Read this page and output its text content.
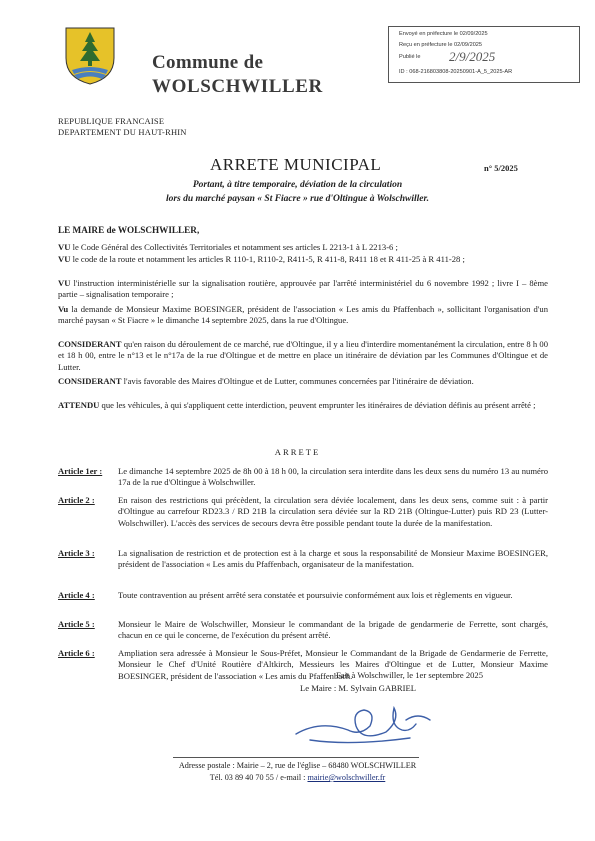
Commune de
WOLSCHWILLER
Envoyé en préfecture le 02/09/2025
Reçu en préfecture le 02/09/2025
Publié le 2/9/2025
ID : 068-216803808-20250901-A_5_2025-AR
REPUBLIQUE FRANCAISE
DEPARTEMENT DU HAUT-RHIN
ARRETE MUNICIPAL	n° 5/2025
Portant, à titre temporaire, déviation de la circulation
lors du marché paysan « St Fiacre » rue d'Oltingue à Wolschwiller.
LE MAIRE de WOLSCHWILLER,
VU le Code Général des Collectivités Territoriales et notamment ses articles L 2213-1 à L 2213-6 ;
VU le code de la route et notamment les articles R 110-1, R110-2, R411-5, R 411-8, R411 18 et R 411-25 à R 411-28 ;
VU l'instruction interministérielle sur la signalisation routière, approuvée par l'arrêté interministériel du 6 novembre 1992 ; livre I – 8ème partie – signalisation temporaire ;
Vu la demande de Monsieur Maxime BOESINGER, président de l'association « Les amis du Pfaffenbach », sollicitant l'organisation d'un marché paysan « St Fiacre » le dimanche 14 septembre 2025, dans la rue d'Oltingue.
CONSIDERANT qu'en raison du déroulement de ce marché, rue d'Oltingue, il y a lieu d'interdire momentanément la circulation, entre 8 h 00 et 18 h 00, entre le n°13 et le n°17a de la rue d'Oltingue et de mettre en place un itinéraire de déviation par les Communes d'Oltingue et de Lutter.
CONSIDERANT l'avis favorable des Maires d'Oltingue et de Lutter, communes concernées par l'itinéraire de déviation.
ATTENDU que les véhicules, à qui s'appliquent cette interdiction, peuvent emprunter les itinéraires de déviation définis au présent arrêté ;
ARRETE
Article 1er : Le dimanche 14 septembre 2025 de 8h 00 à 18 h 00, la circulation sera interdite dans les deux sens du numéro 13 au numéro 17a de la rue d'Oltingue à Wolschwiller.
Article 2 :	En raison des restrictions qui précèdent, la circulation sera déviée localement, dans les deux sens, comme suit : à partir d'Oltingue au carrefour RD23.3 / RD 21B la circulation sera déviée sur la RD 21B (Oltingue-Lutter) puis RD 23 (Lutter-Wolschwiller). L'accès des services de secours devra être possible pendant toute la durée de la manifestation.
Article 3 :	La signalisation de restriction et de protection est à la charge et sous la responsabilité de Monsieur Maxime BOESINGER, président de l'association « Les amis du Pfaffenbach, organisateur de la manifestation.
Article 4 :	Toute contravention au présent arrêté sera constatée et poursuivie conformément aux lois et règlements en vigueur.
Article 5 :	Monsieur le Maire de Wolschwiller, Monsieur le commandant de la brigade de gendarmerie de Ferrette, sont chargés, chacun en ce qui le concerne, de l'exécution du présent arrêté.
Article 6 :	Ampliation sera adressée à Monsieur le Sous-Préfet, Monsieur le Commandant de la Brigade de Gendarmerie de Ferrette, Monsieur le Chef d'Unité Routière d'Altkirch, Messieurs les Maires d'Oltingue et de Lutter, Monsieur Maxime BOESINGER, président de l'association « Les amis du Pfaffenbach.
Fait à Wolschwiller, le 1er septembre 2025
Le Maire : M. Sylvain GABRIEL
Adresse postale : Mairie – 2, rue de l'église – 68480 WOLSCHWILLER
Tél. 03 89 40 70 55 / e-mail : mairie@wolschwiller.fr
